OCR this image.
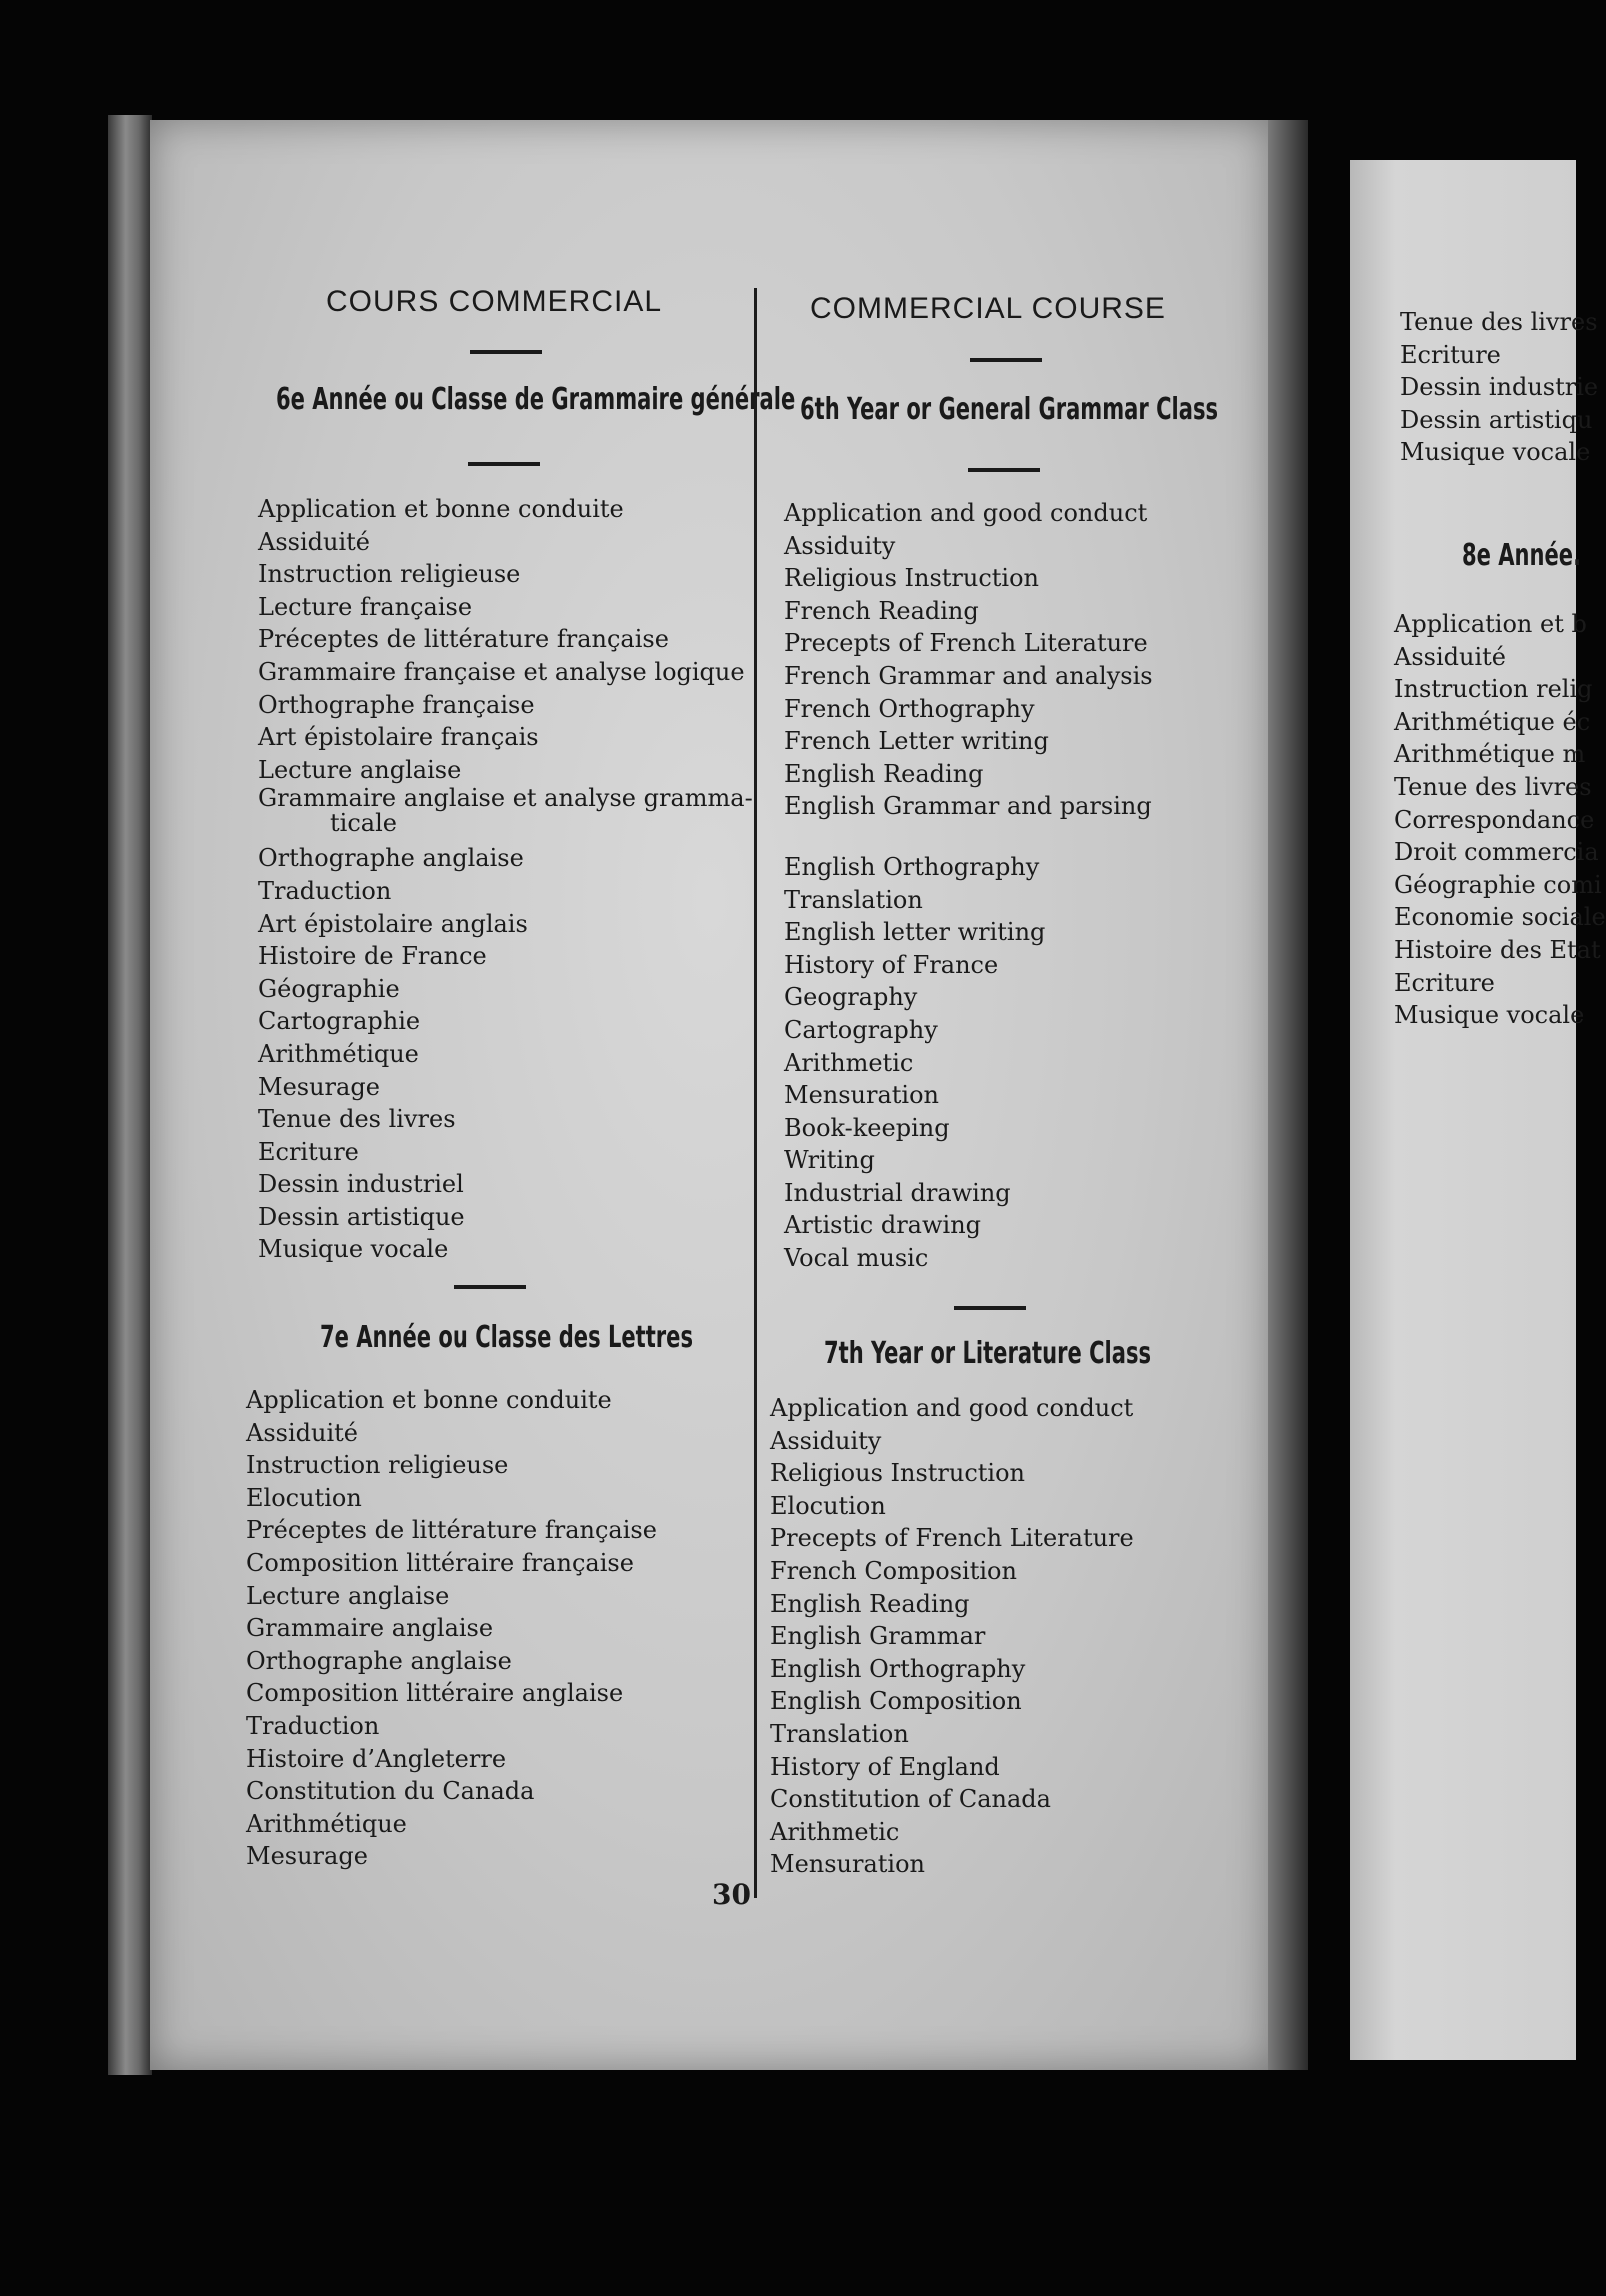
Tenue des livres
Ecriture
Dessin industrie
Dessin artistiqu
Musique vocale
8e Année.
Application et b
Assiduité
Instruction relig
Arithmétique éc
Arithmétique m
Tenue des livres
Correspondance
Droit commercia
Géographie comi
Economie sociale
Histoire des Etat
Ecriture
Musique vocale
COURS COMMERCIAL
6e Année ou Classe de Grammaire générale
Application et bonne conduite
Assiduité
Instruction religieuse
Lecture française
Préceptes de littérature française
Grammaire française et analyse logique
Orthographe française
Art épistolaire français
Lecture anglaise
Grammaire anglaise et analyse gramma-
ticale
Orthographe anglaise
Traduction
Art épistolaire anglais
Histoire de France
Géographie
Cartographie
Arithmétique
Mesurage
Tenue des livres
Ecriture
Dessin industriel
Dessin artistique
Musique vocale
7e Année ou Classe des Lettres
Application et bonne conduite
Assiduité
Instruction religieuse
Elocution
Préceptes de littérature française
Composition littéraire française
Lecture anglaise
Grammaire anglaise
Orthographe anglaise
Composition littéraire anglaise
Traduction
Histoire d’Angleterre
Constitution du Canada
Arithmétique
Mesurage
COMMERCIAL COURSE
6th Year or General Grammar Class
Application and good conduct
Assiduity
Religious Instruction
French Reading
Precepts of French Literature
French Grammar and analysis
French Orthography
French Letter writing
English Reading
English Grammar and parsing
English Orthography
Translation
English letter writing
History of France
Geography
Cartography
Arithmetic
Mensuration
Book-keeping
Writing
Industrial drawing
Artistic drawing
Vocal music
7th Year or Literature Class
Application and good conduct
Assiduity
Religious Instruction
Elocution
Precepts of French Literature
French Composition
English Reading
English Grammar
English Orthography
English Composition
Translation
History of England
Constitution of Canada
Arithmetic
Mensuration
30
